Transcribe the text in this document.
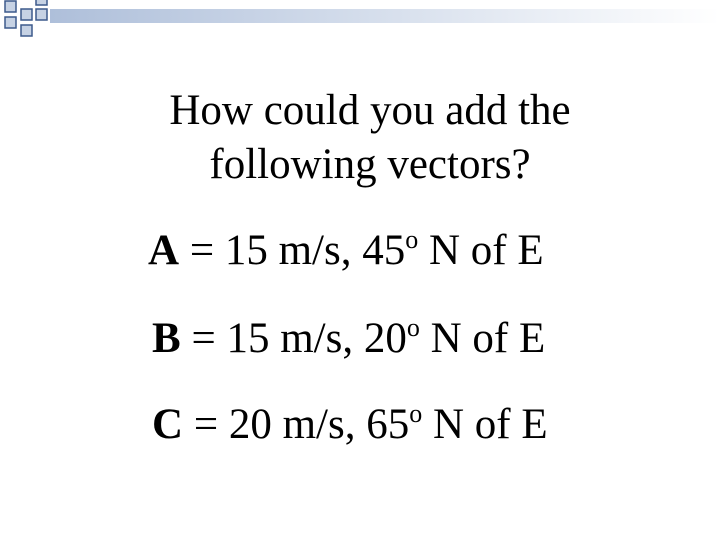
How could you add the
following vectors?
A = 15 m/s, 45$^o$ N of E
B = 15 m/s, 20$^o$ N of E
C = 20 m/s, 65$^o$ N of E
